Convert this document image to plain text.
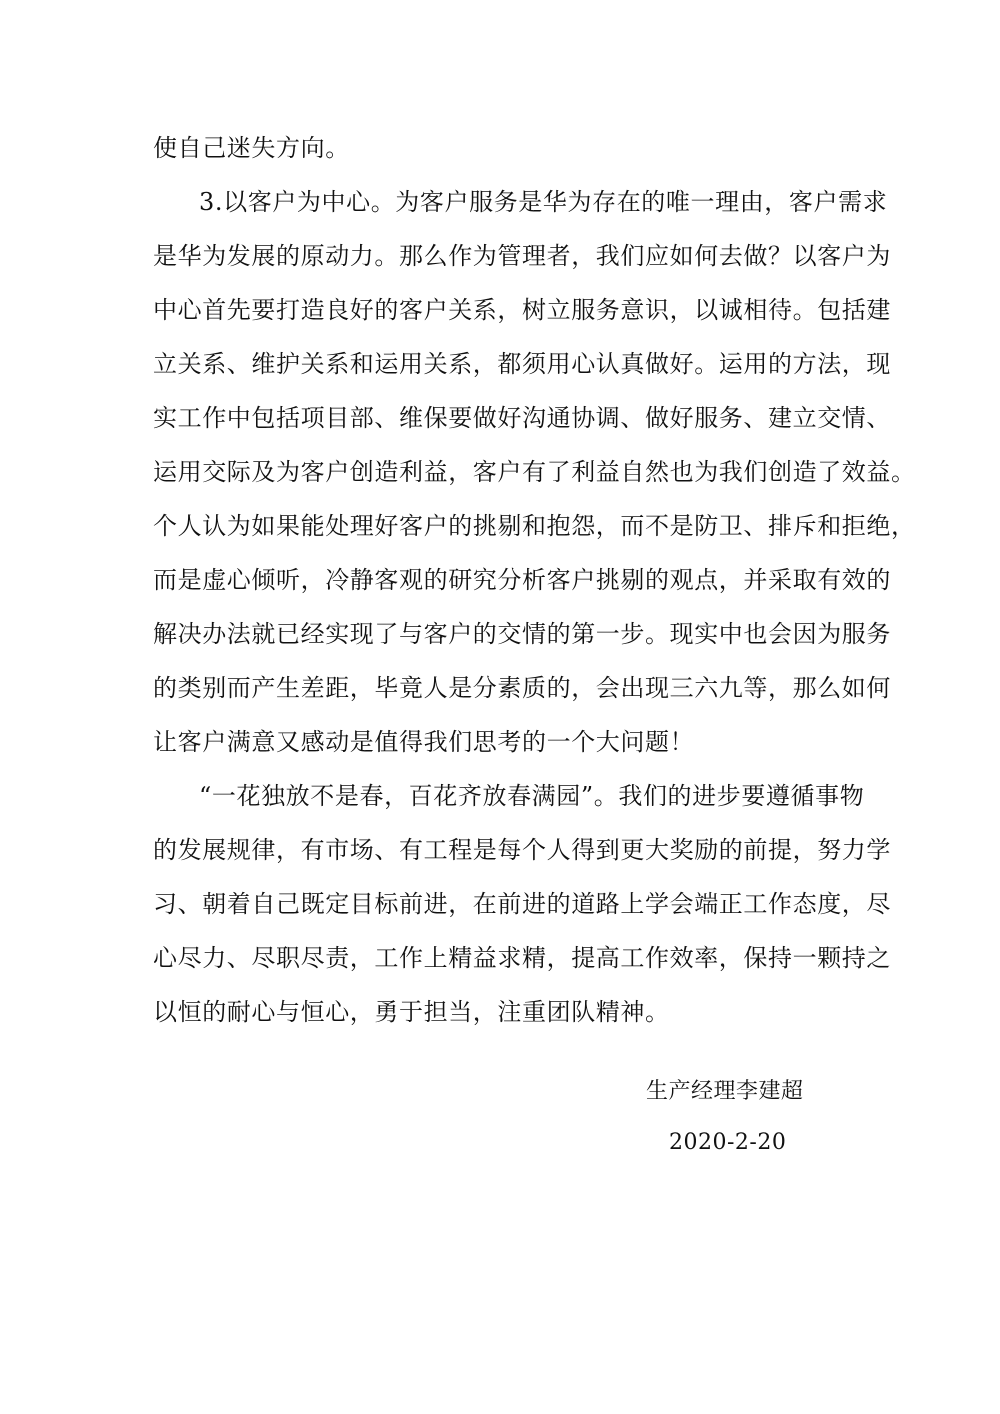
使自己迷失方向。

3.以客户为中心。为客户服务是华为存在的唯一理由，客户需求

是华为发展的原动力。那么作为管理者，我们应如何去做？以客户为

中心首先要打造良好的客户关系，树立服务意识，以诚相待。包括建

立关系、维护关系和运用关系，都须用心认真做好。运用的方法，现

实工作中包括项目部、维保要做好沟通协调、做好服务、建立交情、

运用交际及为客户创造利益，客户有了利益自然也为我们创造了效益。

个人认为如果能处理好客户的挑剔和抱怨，而不是防卫、排斥和拒绝，

而是虚心倾听，冷静客观的研究分析客户挑剔的观点，并采取有效的

解决办法就已经实现了与客户的交情的第一步。现实中也会因为服务

的类别而产生差距，毕竟人是分素质的，会出现三六九等，那么如何

让客户满意又感动是值得我们思考的一个大问题！

“一花独放不是春，百花齐放春满园”。我们的进步要遵循事物

的发展规律，有市场、有工程是每个人得到更大奖励的前提，努力学

习、朝着自己既定目标前进，在前进的道路上学会端正工作态度，尽

心尽力、尽职尽责，工作上精益求精，提高工作效率，保持一颗持之

以恒的耐心与恒心，勇于担当，注重团队精神。

生产经理李建超

2020-2-20
